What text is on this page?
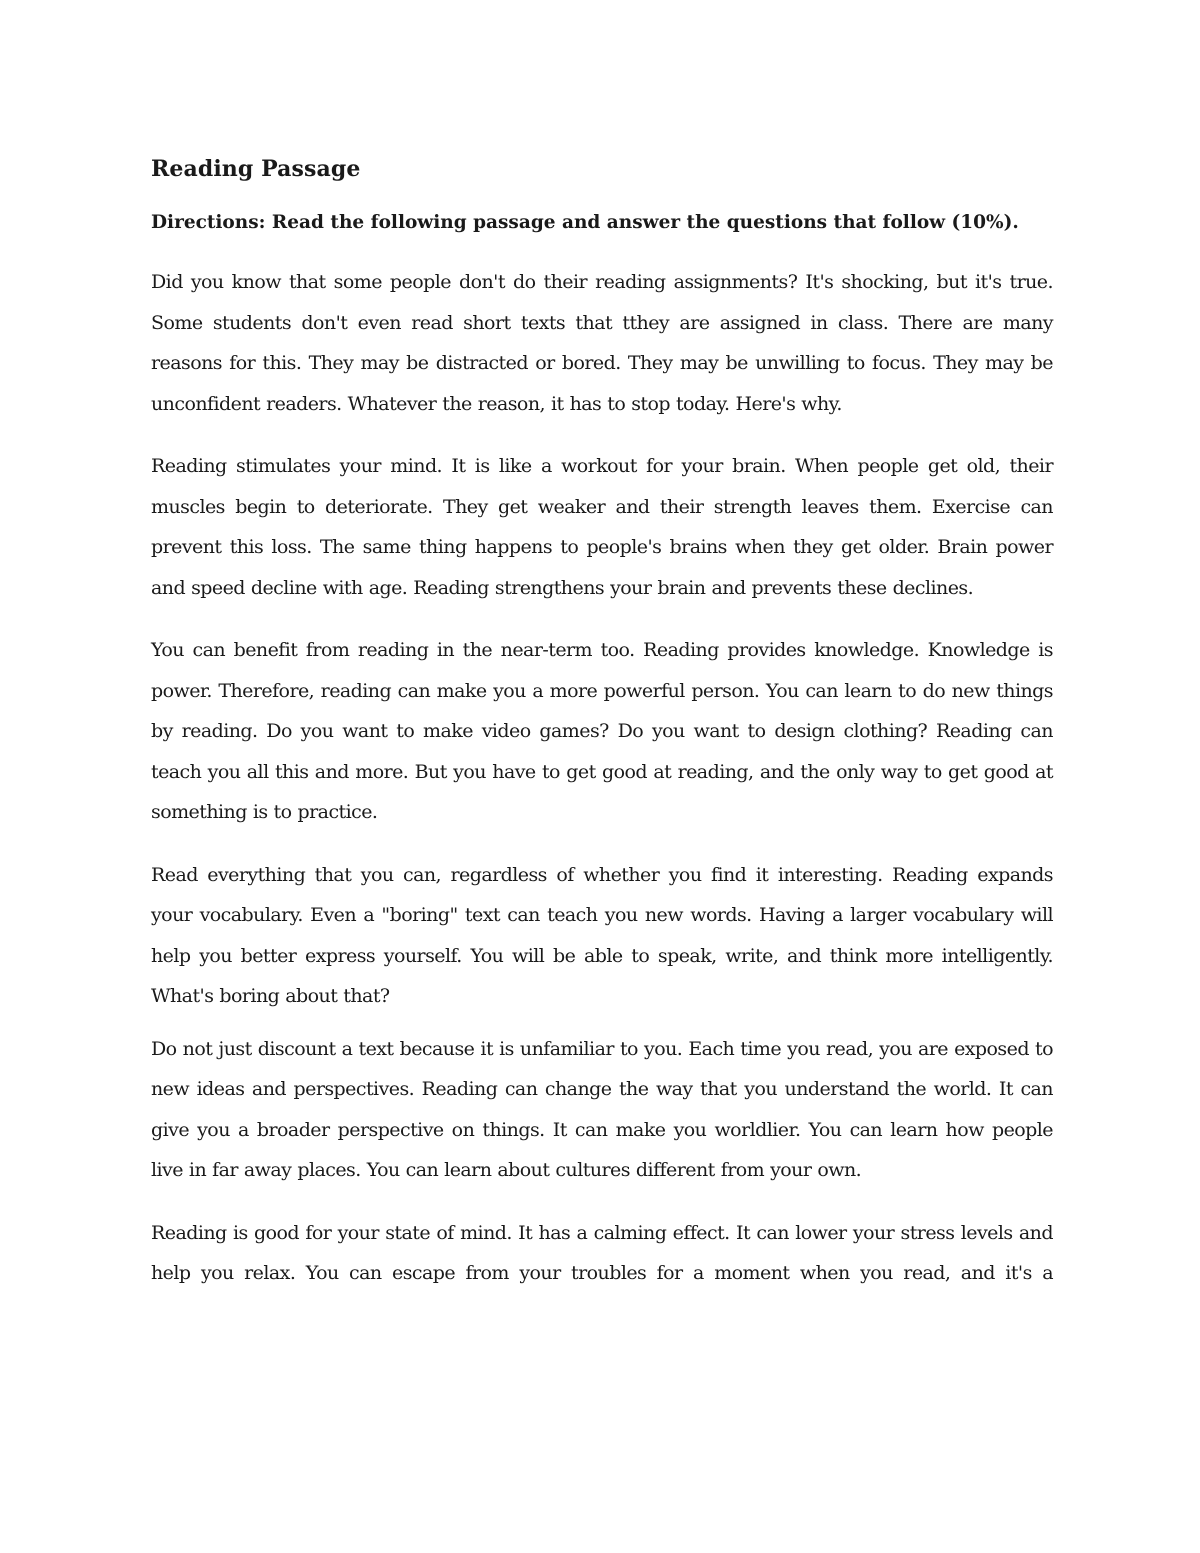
Reading Passage
Directions: Read the following passage and answer the questions that follow (10%).

Did you know that some people don't do their reading assignments? It's shocking, but it's true. Some students don't even read short texts that tthey are assigned in class. There are many reasons for this. They may be distracted or bored. They may be unwilling to focus. They may be unconfident readers. Whatever the reason, it has to stop today. Here's why.

Reading stimulates your mind. It is like a workout for your brain. When people get old, their muscles begin to deteriorate. They get weaker and their strength leaves them. Exercise can prevent this loss. The same thing happens to people's brains when they get older. Brain power and speed decline with age. Reading strengthens your brain and prevents these declines.

You can benefit from reading in the near-term too. Reading provides knowledge. Knowledge is power. Therefore, reading can make you a more powerful person. You can learn to do new things by reading. Do you want to make video games? Do you want to design clothing? Reading can teach you all this and more. But you have to get good at reading, and the only way to get good at something is to practice.

Read everything that you can, regardless of whether you find it interesting. Reading expands your vocabulary. Even a "boring" text can teach you new words. Having a larger vocabulary will help you better express yourself. You will be able to speak, write, and think more intelligently. What's boring about that?

Do not just discount a text because it is unfamiliar to you. Each time you read, you are exposed to new ideas and perspectives. Reading can change the way that you understand the world. It can give you a broader perspective on things. It can make you worldlier. You can learn how people live in far away places. You can learn about cultures different from your own.

Reading is good for your state of mind. It has a calming effect. It can lower your stress levels and help you relax. You can escape from your troubles for a moment when you read, and it's a
